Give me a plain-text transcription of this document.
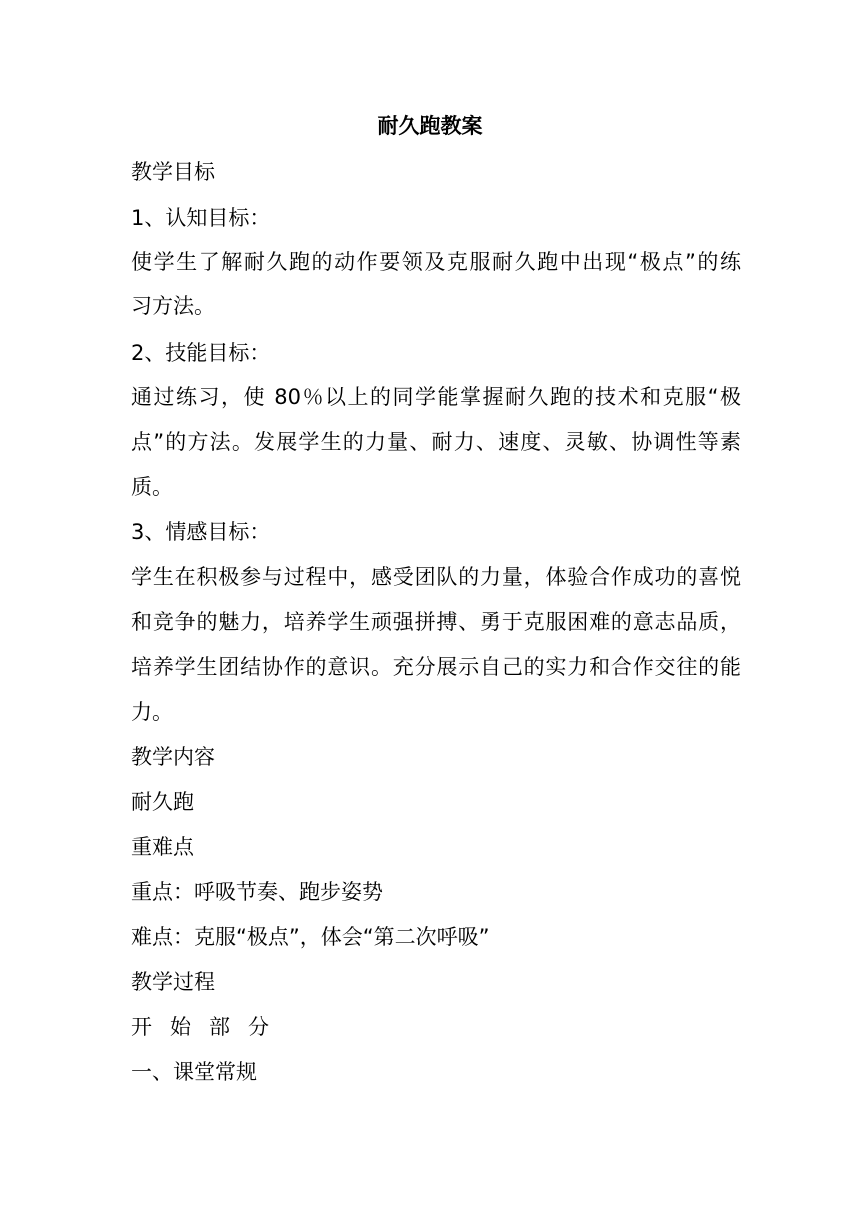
耐久跑教案

教学目标

1、认知目标：

使学生了解耐久跑的动作要领及克服耐久跑中出现“极点”的练

习方法。

2、技能目标：

通过练习，使 80％以上的同学能掌握耐久跑的技术和克服“极

点”的方法。发展学生的力量、耐力、速度、灵敏、协调性等素

质。

3、情感目标：

学生在积极参与过程中，感受团队的力量，体验合作成功的喜悦

和竞争的魅力，培养学生顽强拼搏、勇于克服困难的意志品质，

培养学生团结协作的意识。充分展示自己的实力和合作交往的能

力。

教学内容

耐久跑

重难点

重点：呼吸节奏、跑步姿势

难点：克服“极点”，体会“第二次呼吸”

教学过程

开始部分

一、课堂常规
